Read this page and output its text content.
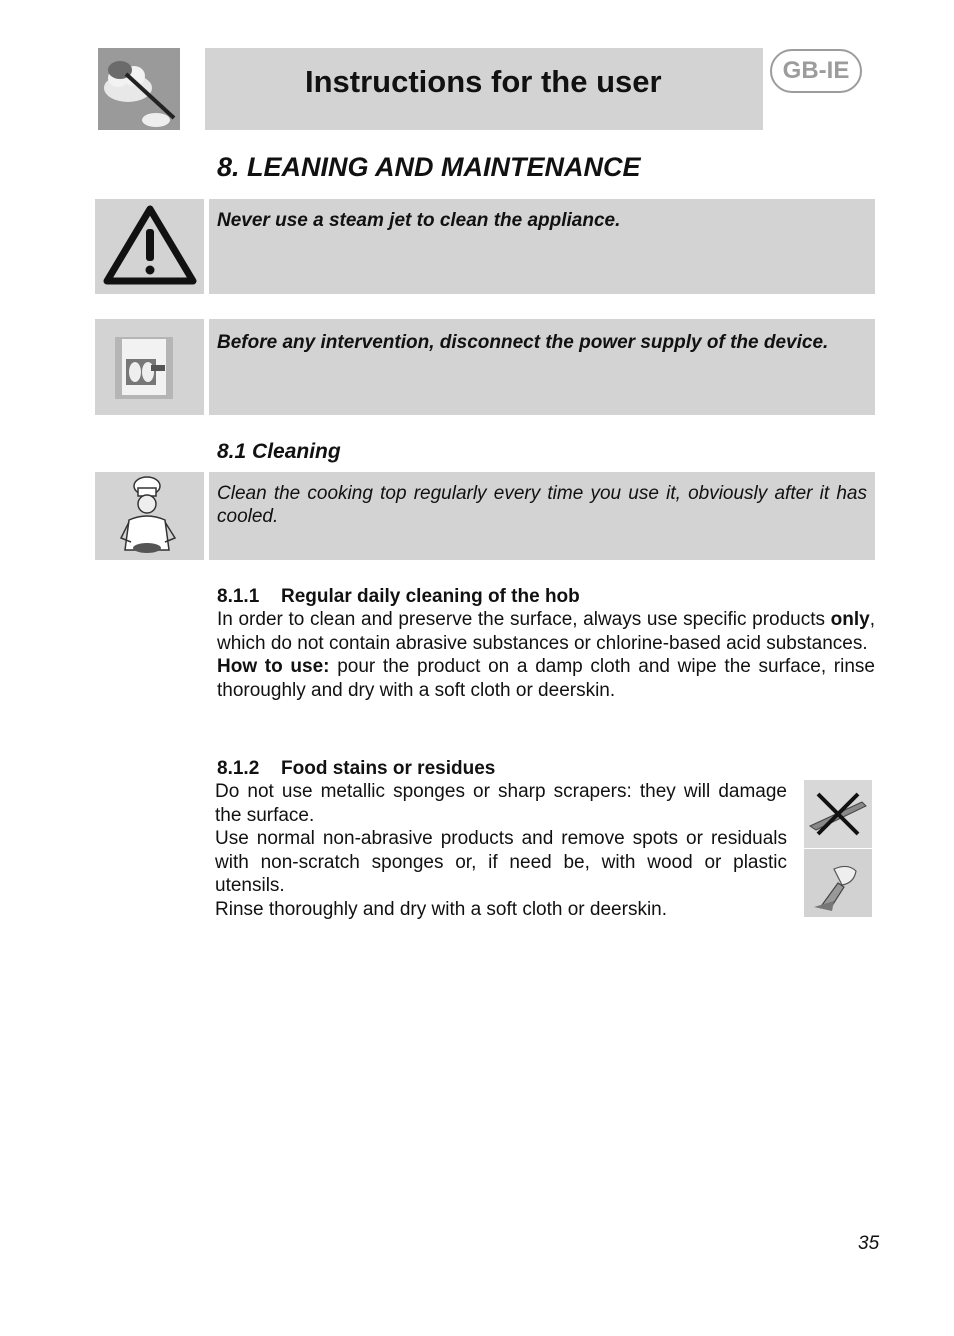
Instructions for the user	GB-IE
8. LEANING AND MAINTENANCE
Never use a steam jet to clean the appliance.
Before any intervention, disconnect the power supply of the device.
8.1 Cleaning
Clean the cooking top regularly every time you use it, obviously after it has cooled.
8.1.1 Regular daily cleaning of the hob

In order to clean and preserve the surface, always use specific products only, which do not contain abrasive substances or chlorine-based acid substances.

How to use: pour the product on a damp cloth and wipe the surface, rinse thoroughly and dry with a soft cloth or deerskin.

8.1.2 Food stains or residues

Do not use metallic sponges or sharp scrapers: they will damage the surface.

Use normal non-abrasive products and remove spots or residuals with non-scratch sponges or, if need be, with wood or plastic utensils.

Rinse thoroughly and dry with a soft cloth or deerskin.

35
